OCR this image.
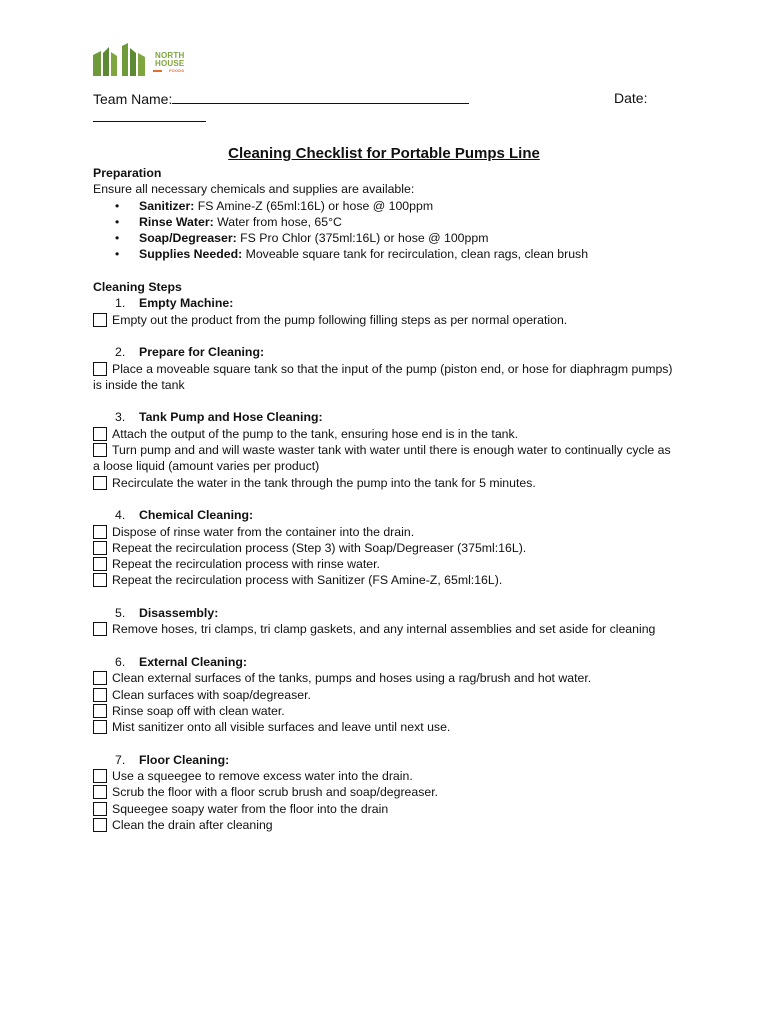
NORTH
HOUSE
FOODS
Team Name:	Date:
Cleaning Checklist for Portable Pumps Line
Preparation
Ensure all necessary chemicals and supplies are available:
• Sanitizer: FS Amine-Z (65ml:16L) or hose @ 100ppm
• Rinse Water: Water from hose, 65°C
• Soap/Degreaser: FS Pro Chlor (375ml:16L) or hose @ 100ppm
• Supplies Needed: Moveable square tank for recirculation, clean rags, clean brush
Cleaning Steps
1. Empty Machine:
Empty out the product from the pump following filling steps as per normal operation.
2. Prepare for Cleaning:
Place a moveable square tank so that the input of the pump (piston end, or hose for diaphragm pumps) is inside the tank
3. Tank Pump and Hose Cleaning:
Attach the output of the pump to the tank, ensuring hose end is in the tank.
Turn pump and and will waste waster tank with water until there is enough water to continually cycle as a loose liquid (amount varies per product)
Recirculate the water in the tank through the pump into the tank for 5 minutes.
4. Chemical Cleaning:
Dispose of rinse water from the container into the drain.
Repeat the recirculation process (Step 3) with Soap/Degreaser (375ml:16L).
Repeat the recirculation process with rinse water.
Repeat the recirculation process with Sanitizer (FS Amine-Z, 65ml:16L).
5. Disassembly:
Remove hoses, tri clamps, tri clamp gaskets, and any internal assemblies and set aside for cleaning
6. External Cleaning:
Clean external surfaces of the tanks, pumps and hoses using a rag/brush and hot water.
Clean surfaces with soap/degreaser.
Rinse soap off with clean water.
Mist sanitizer onto all visible surfaces and leave until next use.
7. Floor Cleaning:
Use a squeegee to remove excess water into the drain.
Scrub the floor with a floor scrub brush and soap/degreaser.
Squeegee soapy water from the floor into the drain
Clean the drain after cleaning
